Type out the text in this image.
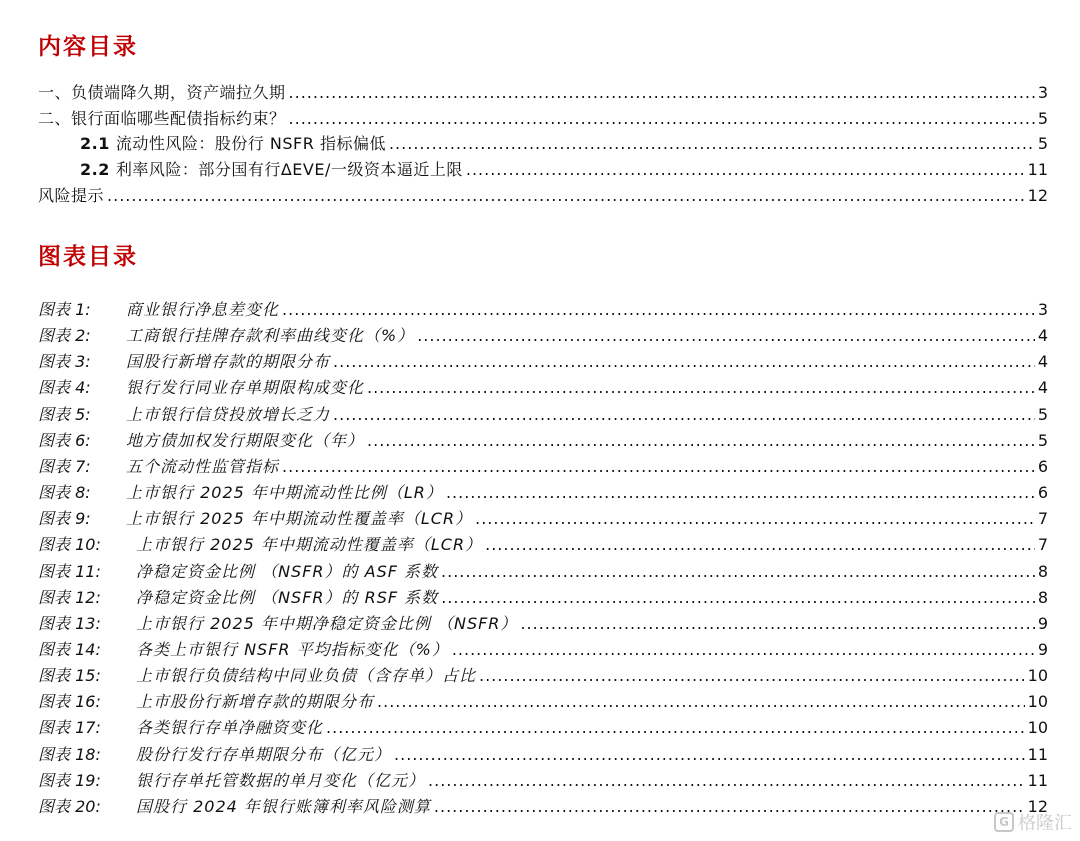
内容目录
一、负债端降久期，资产端拉久期 .....	3
二、银行面临哪些配债指标约束？ .....	5
2.1 流动性风险：股份行 NSFR 指标偏低 .....	5
2.2 利率风险：部分国有行ΔEVE/一级资本逼近上限 .....	11
风险提示 .....	12
图表目录
图表 1:	商业银行净息差变化 .....	3
图表 2:	工商银行挂牌存款利率曲线变化（%） .....	4
图表 3:	国股行新增存款的期限分布 .....	4
图表 4:	银行发行同业存单期限构成变化 .....	4
图表 5:	上市银行信贷投放增长乏力 .....	5
图表 6:	地方债加权发行期限变化（年） .....	5
图表 7:	五个流动性监管指标 .....	6
图表 8:	上市银行 2025 年中期流动性比例（LR） .....	6
图表 9:	上市银行 2025 年中期流动性覆盖率（LCR） .....	7
图表 10:	上市银行 2025 年中期流动性覆盖率（LCR） .....	7
图表 11:	净稳定资金比例 （NSFR）的 ASF 系数 .....	8
图表 12:	净稳定资金比例 （NSFR）的 RSF 系数 .....	8
图表 13:	上市银行 2025 年中期净稳定资金比例 （NSFR） .....	9
图表 14:	各类上市银行 NSFR 平均指标变化（%） .....	9
图表 15:	上市银行负债结构中同业负债（含存单）占比 .....	10
图表 16:	上市股份行新增存款的期限分布 .....	10
图表 17:	各类银行存单净融资变化 .....	10
图表 18:	股份行发行存单期限分布（亿元） .....	11
图表 19:	银行存单托管数据的单月变化（亿元） .....	11
图表 20:	国股行 2024 年银行账簿利率风险测算 .....	12
G 格隆汇
